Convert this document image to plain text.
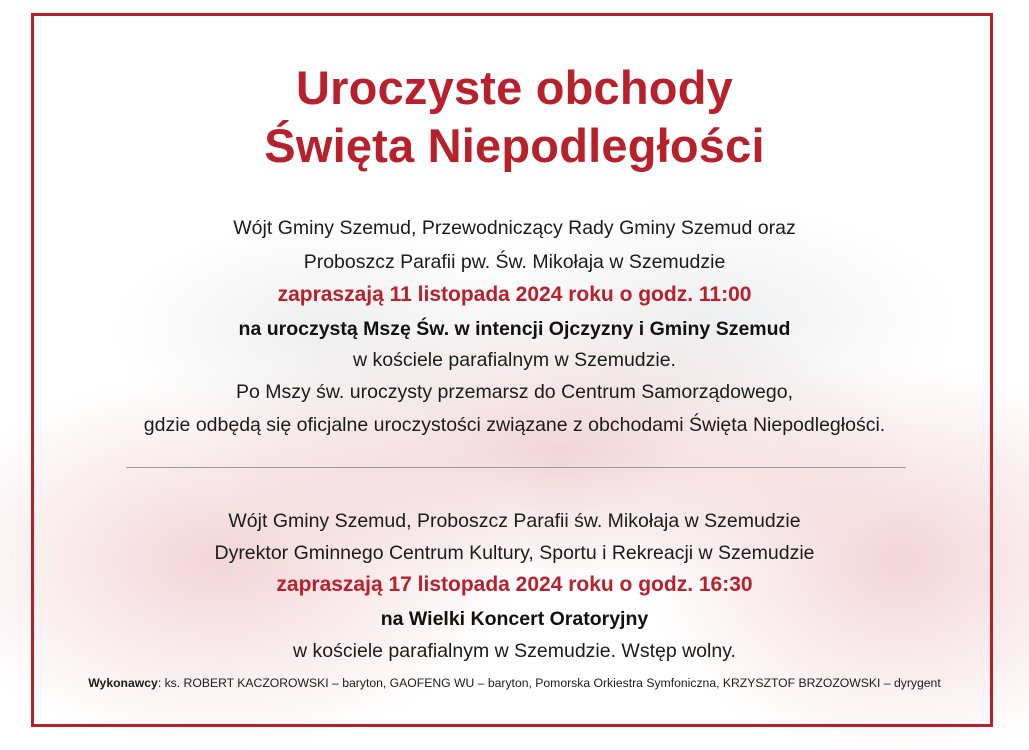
Uroczyste obchody
Święta Niepodległości
Wójt Gminy Szemud, Przewodniczący Rady Gminy Szemud oraz
Proboszcz Parafii pw. Św. Mikołaja w Szemudzie
zapraszają 11 listopada 2024 roku o godz. 11:00
na uroczystą Mszę Św. w intencji Ojczyzny i Gminy Szemud
w kościele parafialnym w Szemudzie.
Po Mszy św. uroczysty przemarsz do Centrum Samorządowego,
gdzie odbędą się oficjalne uroczystości związane z obchodami Święta Niepodległości.
Wójt Gminy Szemud, Proboszcz Parafii św. Mikołaja w Szemudzie
Dyrektor Gminnego Centrum Kultury, Sportu i Rekreacji w Szemudzie
zapraszają 17 listopada 2024 roku o godz. 16:30
na Wielki Koncert Oratoryjny
w kościele parafialnym w Szemudzie. Wstęp wolny.
Wykonawcy: ks. ROBERT KACZOROWSKI – baryton, GAOFENG WU – baryton, Pomorska Orkiestra Symfoniczna, KRZYSZTOF BRZOZOWSKI – dyrygent
